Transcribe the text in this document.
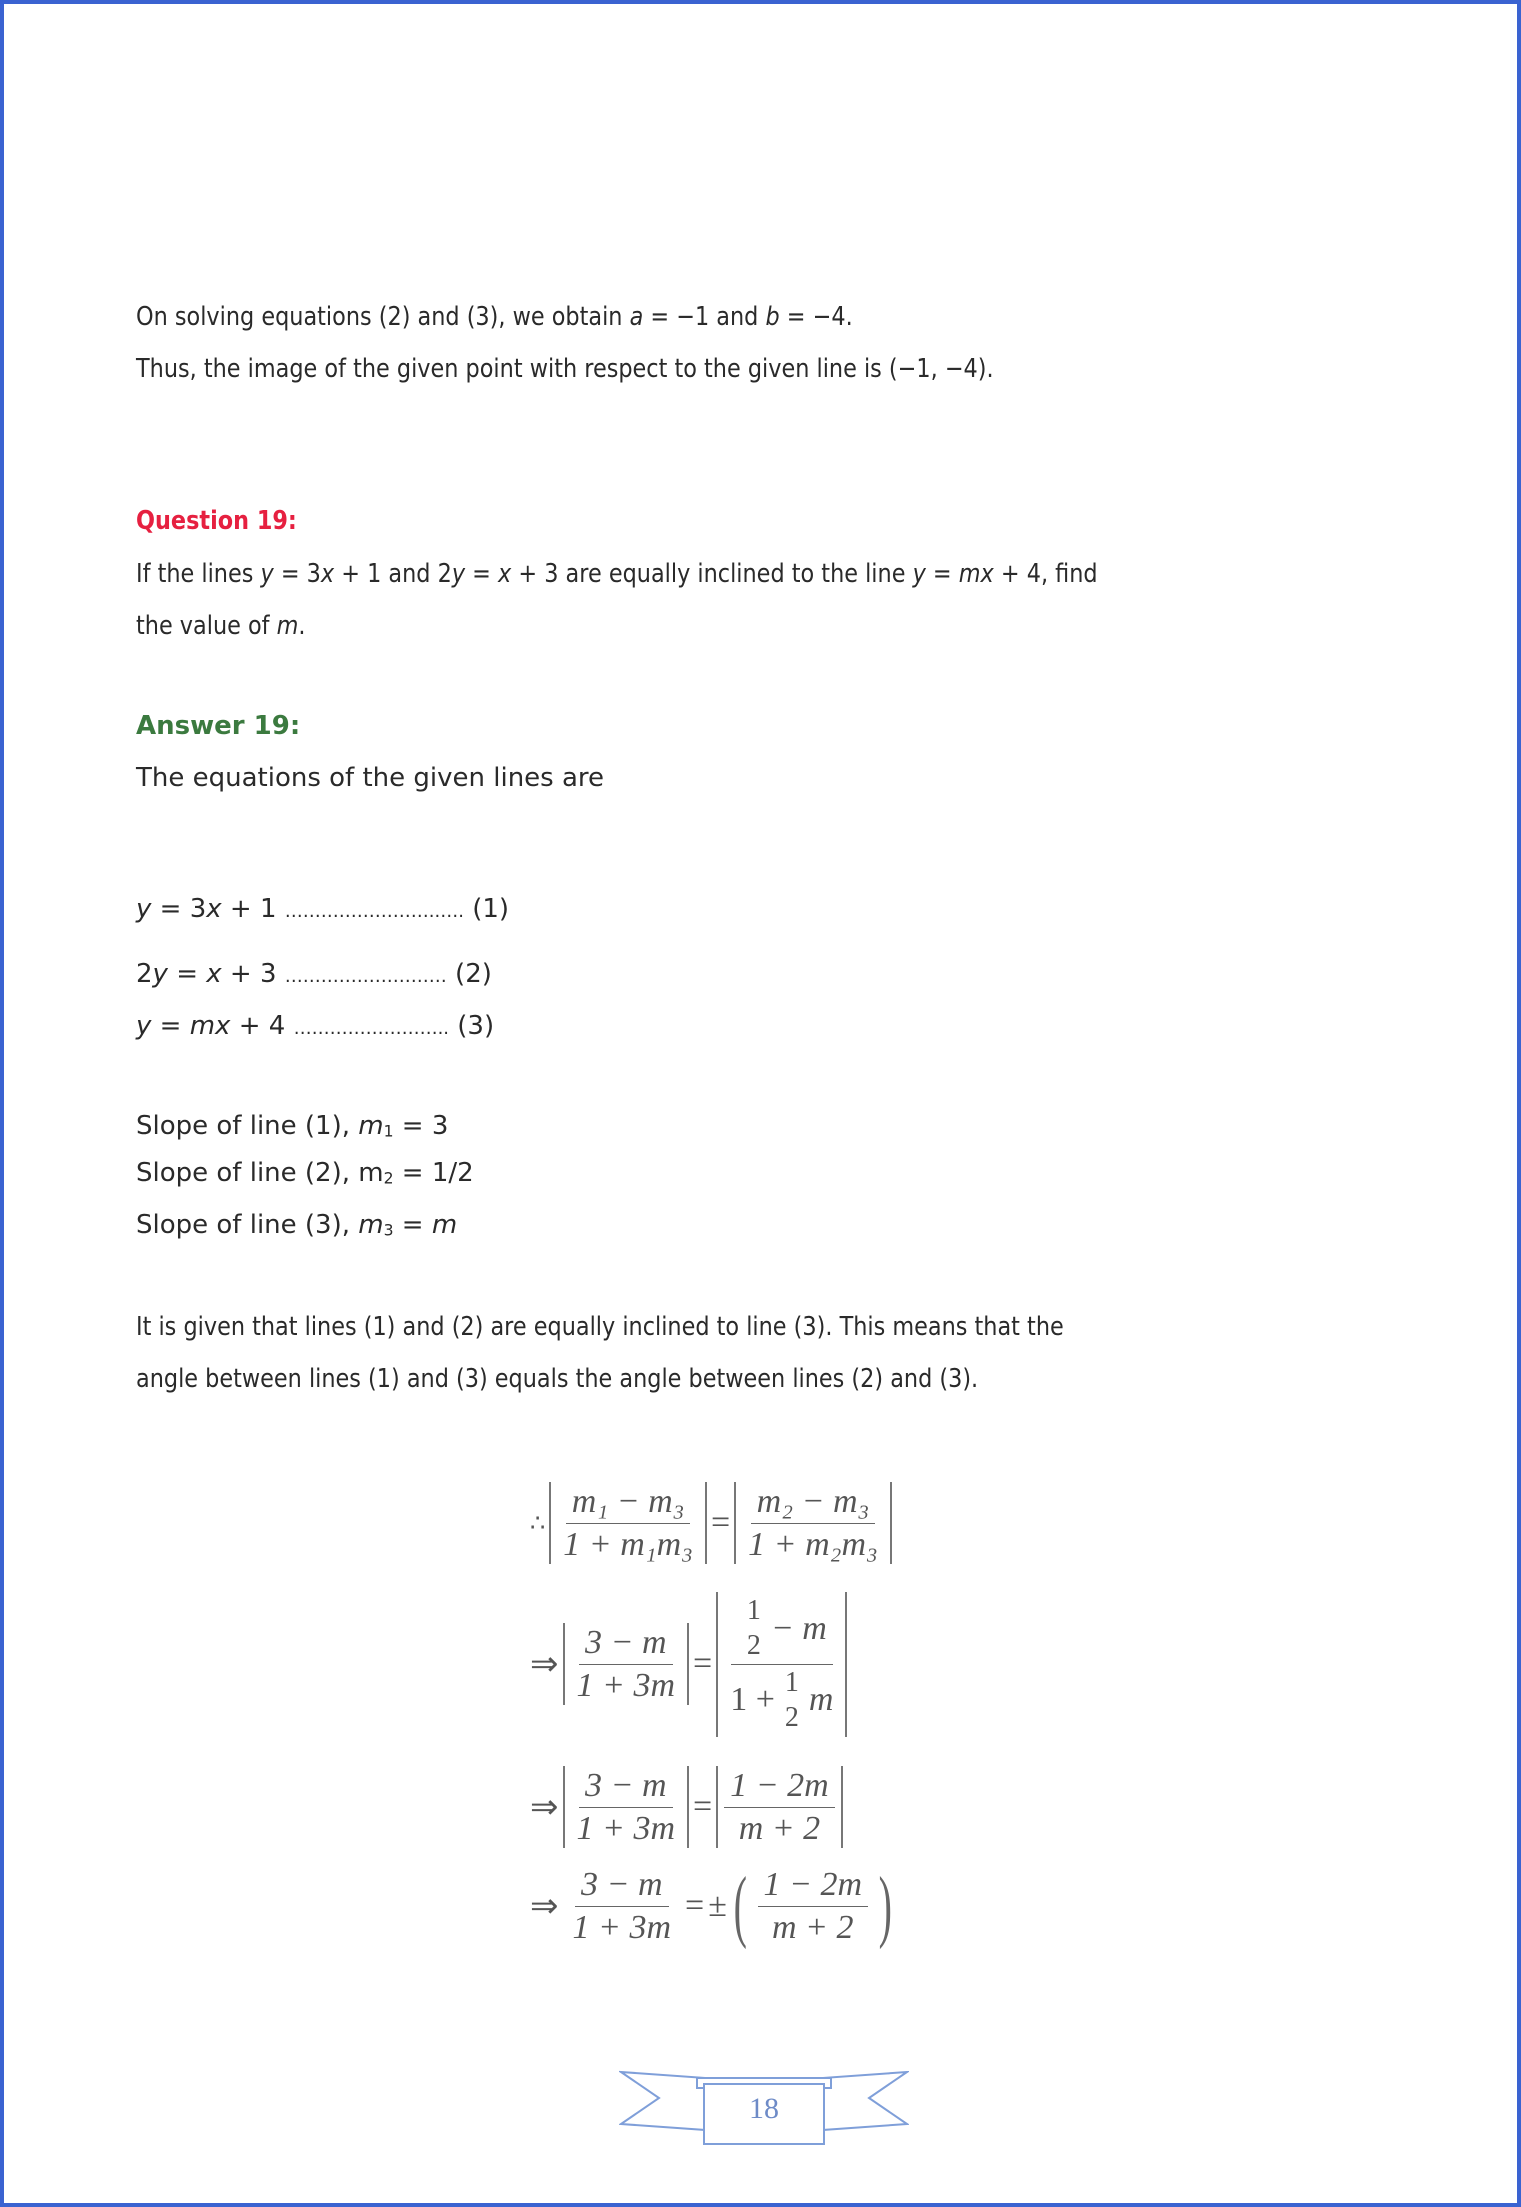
On solving equations (2) and (3), we obtain a = −1 and b = −4.
Thus, the image of the given point with respect to the given line is (−1, −4).
Question 19:
If the lines y = 3x + 1 and 2y = x + 3 are equally inclined to the line y = mx + 4, find
the value of m.
Answer 19:
The equations of the given lines are
y = 3x + 1 ……………………..…. (1)
2y = x + 3 ……………………… (2)
y = mx + 4 …………………….. (3)
Slope of line (1), $m_1 = 3$
Slope of line (2), $m_2 = 1/2$
Slope of line (3), $m_3 = m$
It is given that lines (1) and (2) are equally inclined to line (3). This means that the
angle between lines (1) and (3) equals the angle between lines (2) and (3).
∴ $\frac{\text{m₁ − m₃}}{\text{1 + m₁m₃}} = \frac{\text{m₂ − m₃}}{\text{1 + m₂m₃}}$
⇒ $\frac{3 - m}{1 + 3m} = 1$
2 − m
1 + 1
2 m
⇒ $\frac{3 - m}{1 + 3m} = \frac{1 - 2m}{m + 2}$
⇒ $\frac{3 - m}{1 + 3m}$ = ± ( $\frac{1 - 2m}{m + 2}$ )
18
